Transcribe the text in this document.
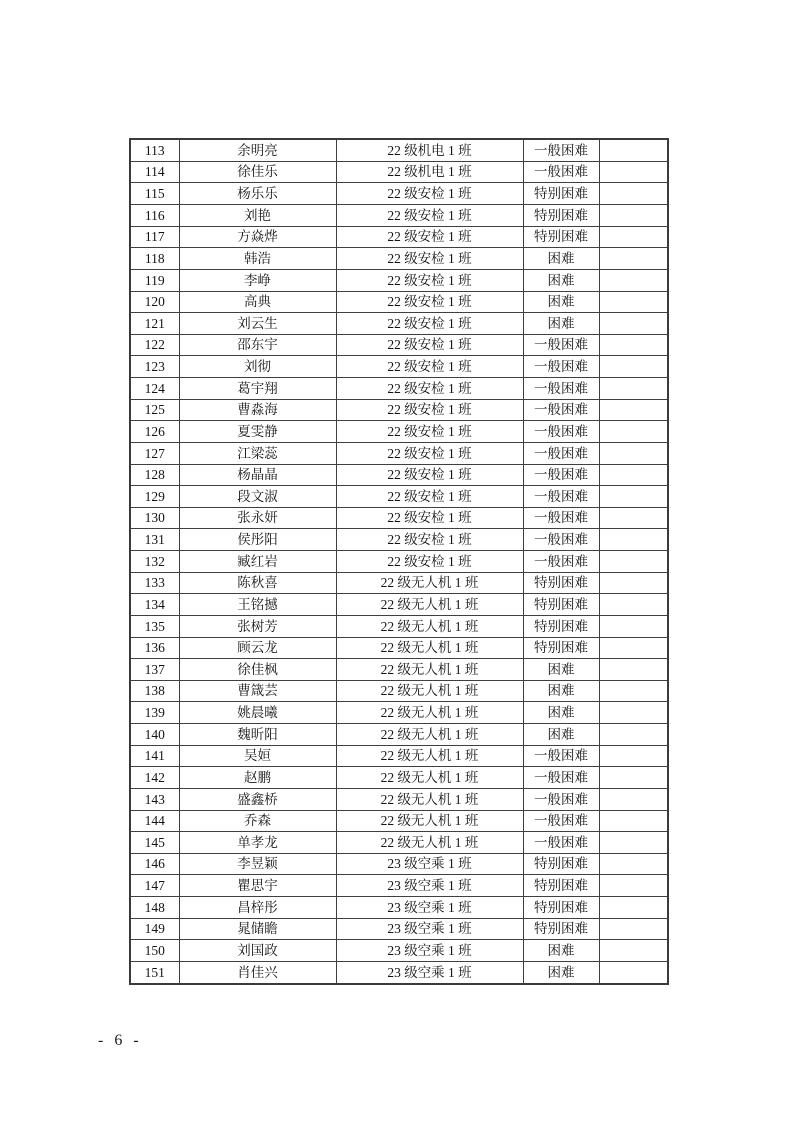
113	余明亮	22 级机电 1 班	一般困难	
114	徐佳乐	22 级机电 1 班	一般困难	
115	杨乐乐	22 级安检 1 班	特别困难	
116	刘艳	22 级安检 1 班	特别困难	
117	方焱烨	22 级安检 1 班	特别困难	
118	韩浩	22 级安检 1 班	困难	
119	李峥	22 级安检 1 班	困难	
120	高典	22 级安检 1 班	困难	
121	刘云生	22 级安检 1 班	困难	
122	邵东宇	22 级安检 1 班	一般困难	
123	刘彻	22 级安检 1 班	一般困难	
124	葛宇翔	22 级安检 1 班	一般困难	
125	曹淼海	22 级安检 1 班	一般困难	
126	夏雯静	22 级安检 1 班	一般困难	
127	江梁蕊	22 级安检 1 班	一般困难	
128	杨晶晶	22 级安检 1 班	一般困难	
129	段文淑	22 级安检 1 班	一般困难	
130	张永妍	22 级安检 1 班	一般困难	
131	侯彤阳	22 级安检 1 班	一般困难	
132	臧红岩	22 级安检 1 班	一般困难	
133	陈秋喜	22 级无人机 1 班	特别困难	
134	王铭撼	22 级无人机 1 班	特别困难	
135	张树芳	22 级无人机 1 班	特别困难	
136	顾云龙	22 级无人机 1 班	特别困难	
137	徐佳枫	22 级无人机 1 班	困难	
138	曹箴芸	22 级无人机 1 班	困难	
139	姚晨曦	22 级无人机 1 班	困难	
140	魏昕阳	22 级无人机 1 班	困难	
141	吴姮	22 级无人机 1 班	一般困难	
142	赵鹏	22 级无人机 1 班	一般困难	
143	盛鑫桥	22 级无人机 1 班	一般困难	
144	乔森	22 级无人机 1 班	一般困难	
145	单孝龙	22 级无人机 1 班	一般困难	
146	李昱颖	23 级空乘 1 班	特别困难	
147	瞿思宇	23 级空乘 1 班	特别困难	
148	昌梓彤	23 级空乘 1 班	特别困难	
149	晁储瞻	23 级空乘 1 班	特别困难	
150	刘国政	23 级空乘 1 班	困难	
151	肖佳兴	23 级空乘 1 班	困难	
- 6 -
